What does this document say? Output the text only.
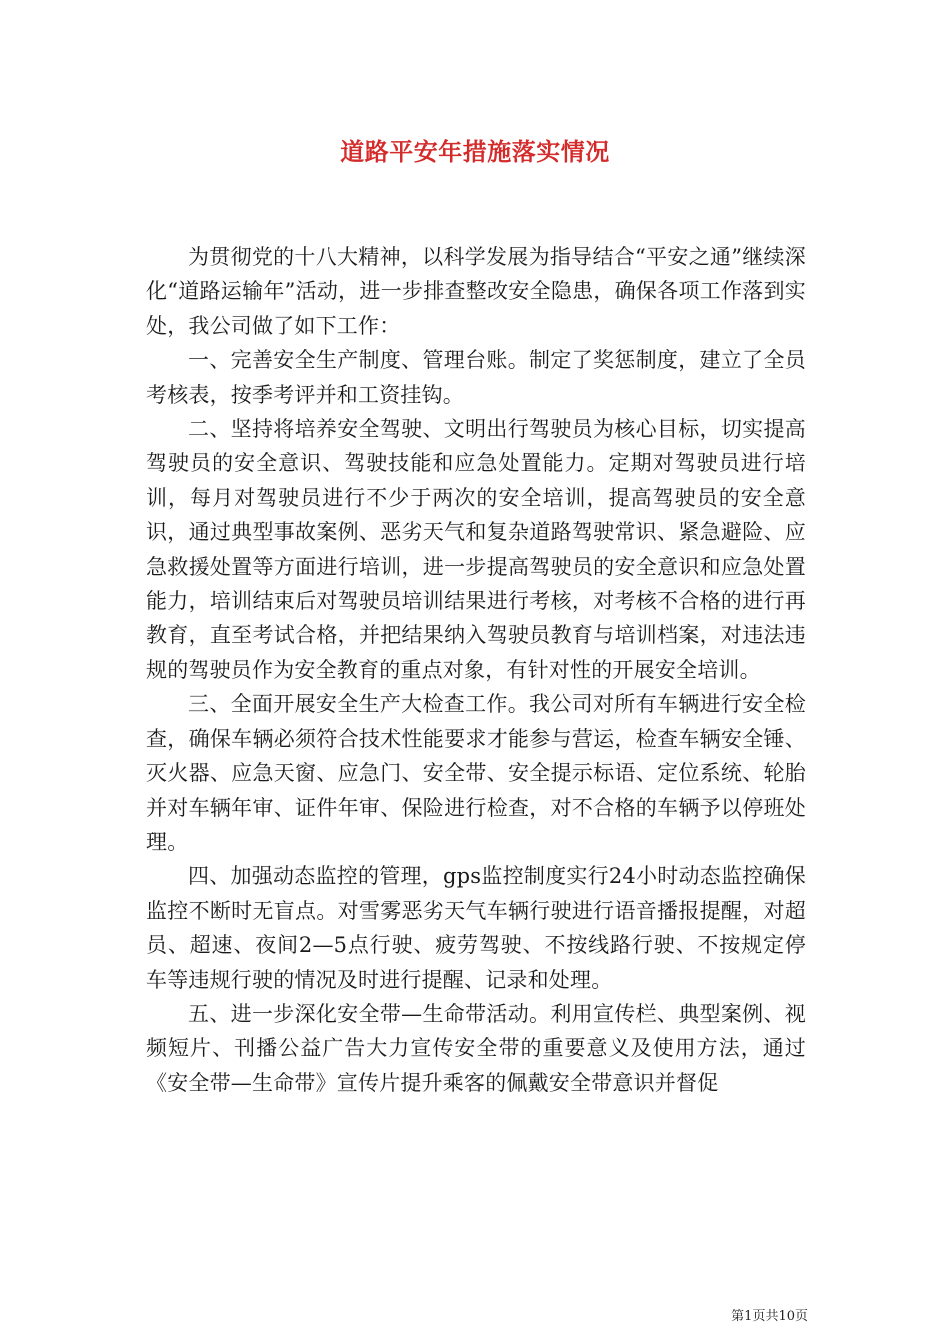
道路平安年措施落实情况

为贯彻党的十八大精神，以科学发展为指导结合“平安之通”继续深化“道路运输年”活动，进一步排查整改安全隐患，确保各项工作落到实处，我公司做了如下工作：

一、完善安全生产制度、管理台账。制定了奖惩制度，建立了全员考核表，按季考评并和工资挂钩。

二、坚持将培养安全驾驶、文明出行驾驶员为核心目标，切实提高驾驶员的安全意识、驾驶技能和应急处置能力。定期对驾驶员进行培训，每月对驾驶员进行不少于两次的安全培训，提高驾驶员的安全意识，通过典型事故案例、恶劣天气和复杂道路驾驶常识、紧急避险、应急救援处置等方面进行培训，进一步提高驾驶员的安全意识和应急处置能力，培训结束后对驾驶员培训结果进行考核，对考核不合格的进行再教育，直至考试合格，并把结果纳入驾驶员教育与培训档案，对违法违规的驾驶员作为安全教育的重点对象，有针对性的开展安全培训。

三、全面开展安全生产大检查工作。我公司对所有车辆进行安全检查，确保车辆必须符合技术性能要求才能参与营运，检查车辆安全锤、灭火器、应急天窗、应急门、安全带、安全提示标语、定位系统、轮胎并对车辆年审、证件年审、保险进行检查，对不合格的车辆予以停班处理。

四、加强动态监控的管理，gps监控制度实行24小时动态监控确保监控不断时无盲点。对雪雾恶劣天气车辆行驶进行语音播报提醒，对超员、超速、夜间2—5点行驶、疲劳驾驶、不按线路行驶、不按规定停车等违规行驶的情况及时进行提醒、记录和处理。

五、进一步深化安全带—生命带活动。利用宣传栏、典型案例、视频短片、刊播公益广告大力宣传安全带的重要意义及使用方法，通过《安全带—生命带》宣传片提升乘客的佩戴安全带意识并督促

第1页共10页
